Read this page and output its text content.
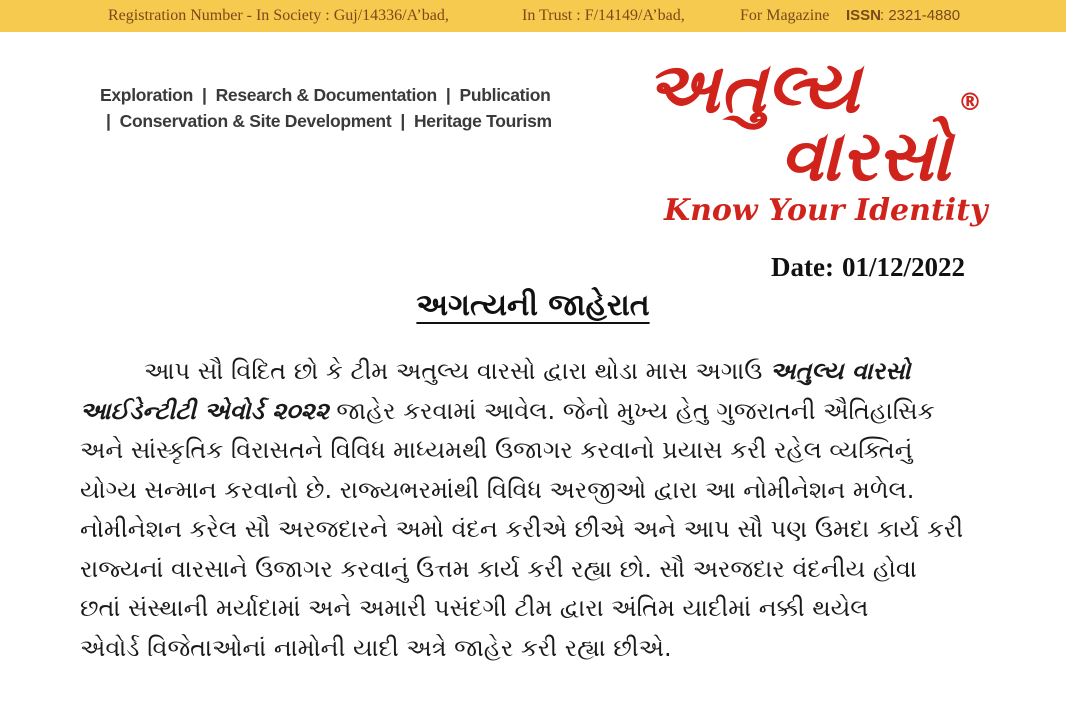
Registration Number - In Society : Guj/14336/A’bad,	In Trust : F/14149/A’bad,	For Magazine ISSN
: 2321-4880
Exploration | Research & Documentation | Publication
| Conservation & Site Development | Heritage Tourism અતુલ્ય
વારસો
®
Know Your Identity
Date: 01/12/2022
અગત્યની જાહેરાત
આપ સૌ વિદિત છો કે ટીમ અતુલ્ય વારસો દ્વારા થોડા માસ અગાઉ અતુલ્ય વારસો
આઈડેન્ટીટી એવોર્ડ ૨૦૨૨ જાહેર કરવામાં આવેલ. જેનો મુખ્ય હેતુ ગુજરાતની ઐતિહાસિક
અને સાંસ્કૃતિક વિરાસતને વિવિધ માધ્યમથી ઉજાગર કરવાનો પ્રયાસ કરી રહેલ વ્યક્તિનું
યોગ્ય સન્માન કરવાનો છે. રાજ્યભરમાંથી વિવિધ અરજીઓ દ્વારા આ નોમીનેશન મળેલ.
નોમીનેશન કરેલ સૌ અરજદારને અમો વંદન કરીએ છીએ અને આપ સૌ પણ ઉમદા કાર્ય કરી
રાજ્યનાં વારસાને ઉજાગર કરવાનું ઉત્તમ કાર્ય કરી રહ્યા છો. સૌ અરજદાર વંદનીય હોવા
છતાં સંસ્થાની મર્યાદામાં અને અમારી પસંદગી ટીમ દ્વારા અંતિમ યાદીમાં નક્કી થયેલ
એવોર્ડ વિજેતાઓનાં નામોની યાદી અત્રે જાહેર કરી રહ્યા છીએ.
